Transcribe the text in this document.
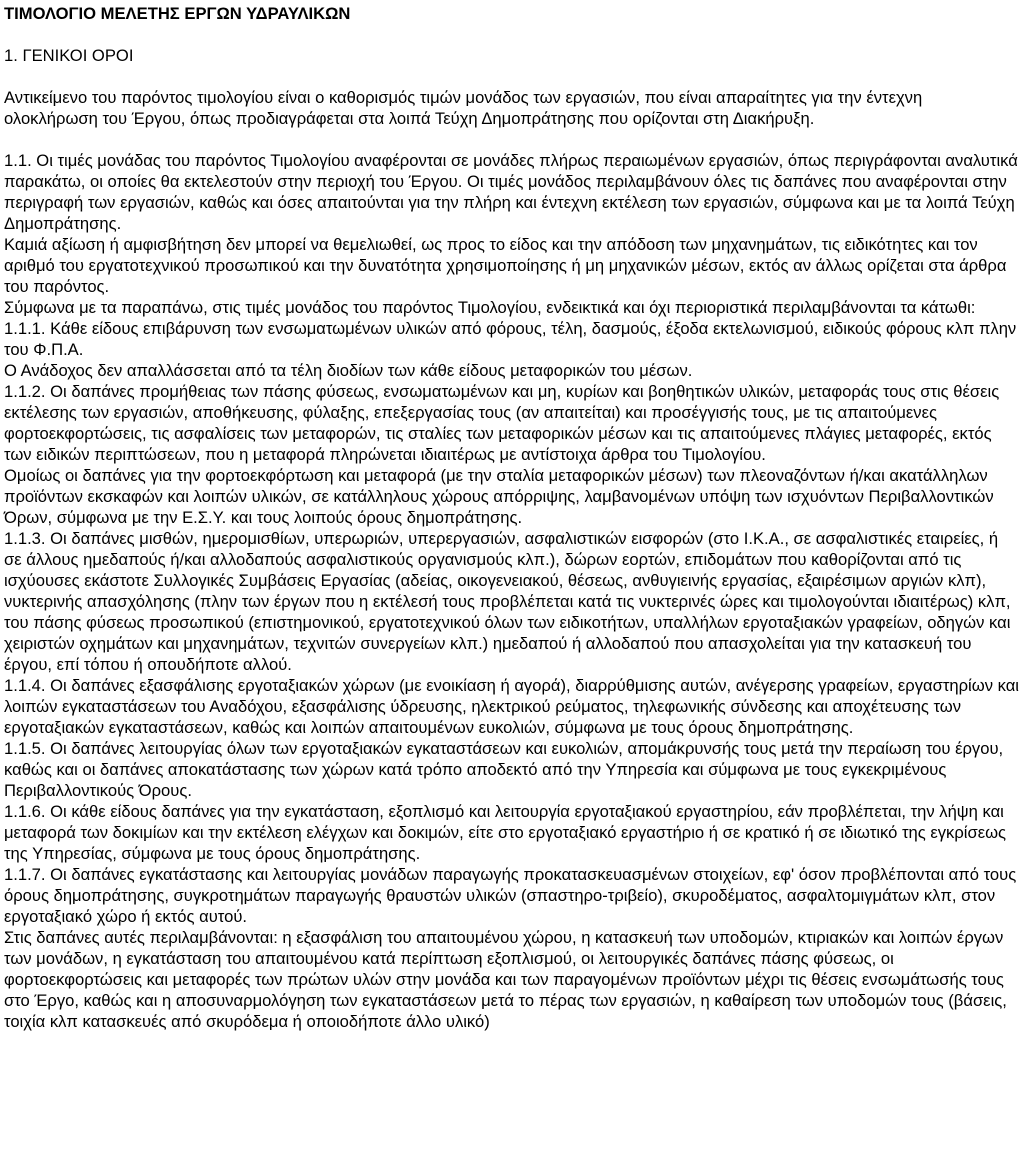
ΤΙΜΟΛΟΓΙΟ ΜΕΛΕΤΗΣ ΕΡΓΩΝ ΥΔΡΑΥΛΙΚΩΝ
1. ΓΕΝΙΚΟΙ ΟΡΟΙ

Αντικείμενο του παρόντος τιμολογίου είναι ο καθορισμός τιμών μονάδος των εργασιών, που είναι απαραίτητες για την έντεχνη ολοκλήρωση του Έργου, όπως προδιαγράφεται στα λοιπά Τεύχη Δημοπράτησης που ορίζονται στη Διακήρυξη.

1.1. Οι τιμές μονάδας του παρόντος Τιμολογίου αναφέρονται σε μονάδες πλήρως περαιωμένων εργασιών, όπως περιγράφονται αναλυτικά παρακάτω, οι οποίες θα εκτελεστούν στην περιοχή του Έργου. Οι τιμές μονάδος περιλαμβάνουν όλες τις δαπάνες που αναφέρονται στην περιγραφή των εργασιών, καθώς και όσες απαιτούνται για την πλήρη και έντεχνη εκτέλεση των εργασιών, σύμφωνα και με τα λοιπά Τεύχη Δημοπράτησης.

Καμιά αξίωση ή αμφισβήτηση δεν μπορεί να θεμελιωθεί, ως προς το είδος και την απόδοση των μηχανημάτων, τις ειδικότητες και τον αριθμό του εργατοτεχνικού προσωπικού και την δυνατότητα χρησιμοποίησης ή μη μηχανικών μέσων, εκτός αν άλλως ορίζεται στα άρθρα του παρόντος.

Σύμφωνα με τα παραπάνω, στις τιμές μονάδος του παρόντος Τιμολογίου, ενδεικτικά και όχι περιοριστικά περιλαμβάνονται τα κάτωθι:

1.1.1. Κάθε είδους επιβάρυνση των ενσωματωμένων υλικών από φόρους, τέλη, δασμούς, έξοδα εκτελωνισμού, ειδικούς φόρους κλπ πλην του Φ.Π.Α.

Ο Ανάδοχος δεν απαλλάσσεται από τα τέλη διοδίων των κάθε είδους μεταφορικών του μέσων.

1.1.2. Οι δαπάνες προμήθειας των πάσης φύσεως, ενσωματωμένων και μη, κυρίων και βοηθητικών υλικών, μεταφοράς τους στις θέσεις εκτέλεσης των εργασιών, αποθήκευσης, φύλαξης, επεξεργασίας τους (αν απαιτείται) και προσέγγισής τους, με τις απαιτούμενες φορτοεκφορτώσεις, τις ασφαλίσεις των μεταφορών, τις σταλίες των μεταφορικών μέσων και τις απαιτούμενες πλάγιες μεταφορές, εκτός των ειδικών περιπτώσεων, που η μεταφορά πληρώνεται ιδιαιτέρως με αντίστοιχα άρθρα του Τιμολογίου.

Ομοίως οι δαπάνες για την φορτοεκφόρτωση και μεταφορά (με την σταλία μεταφορικών μέσων) των πλεοναζόντων ή/και ακατάλληλων προϊόντων εκσκαφών και λοιπών υλικών, σε κατάλληλους χώρους απόρριψης, λαμβανομένων υπόψη των ισχυόντων Περιβαλλοντικών Όρων, σύμφωνα με την Ε.Σ.Υ. και τους λοιπούς όρους δημοπράτησης.

1.1.3. Οι δαπάνες μισθών, ημερομισθίων, υπερωριών, υπερεργασιών, ασφαλιστικών εισφορών (στο Ι.Κ.Α., σε ασφαλιστικές εταιρείες, ή σε άλλους ημεδαπούς ή/και αλλοδαπούς ασφαλιστικούς οργανισμούς κλπ.), δώρων εορτών, επιδομάτων που καθορίζονται από τις ισχύουσες εκάστοτε Συλλογικές Συμβάσεις Εργασίας (αδείας, οικογενειακού, θέσεως, ανθυγιεινής εργασίας, εξαιρέσιμων αργιών κλπ), νυκτερινής απασχόλησης (πλην των έργων που η εκτέλεσή τους προβλέπεται κατά τις νυκτερινές ώρες και τιμολογούνται ιδιαιτέρως) κλπ, του πάσης φύσεως προσωπικού (επιστημονικού, εργατοτεχνικού όλων των ειδικοτήτων, υπαλλήλων εργοταξιακών γραφείων, οδηγών και χειριστών οχημάτων και μηχανημάτων, τεχνιτών συνεργείων κλπ.) ημεδαπού ή αλλοδαπού που απασχολείται για την κατασκευή του έργου, επί τόπου ή οπουδήποτε αλλού.

1.1.4. Οι δαπάνες εξασφάλισης εργοταξιακών χώρων (με ενοικίαση ή αγορά), διαρρύθμισης αυτών, ανέγερσης γραφείων, εργαστηρίων και λοιπών εγκαταστάσεων του Αναδόχου, εξασφάλισης ύδρευσης, ηλεκτρικού ρεύματος, τηλεφωνικής σύνδεσης και αποχέτευσης των εργοταξιακών εγκαταστάσεων, καθώς και λοιπών απαιτουμένων ευκολιών, σύμφωνα με τους όρους δημοπράτησης.

1.1.5. Οι δαπάνες λειτουργίας όλων των εργοταξιακών εγκαταστάσεων και ευκολιών, απομάκρυνσής τους μετά την περαίωση του έργου, καθώς και οι δαπάνες αποκατάστασης των χώρων κατά τρόπο αποδεκτό από την Υπηρεσία και σύμφωνα με τους εγκεκριμένους Περιβαλλοντικούς Όρους.

1.1.6. Οι κάθε είδους δαπάνες για την εγκατάσταση, εξοπλισμό και λειτουργία εργοταξιακού εργαστηρίου, εάν προβλέπεται, την λήψη και μεταφορά των δοκιμίων και την εκτέλεση ελέγχων και δοκιμών, είτε στο εργοταξιακό εργαστήριο ή σε κρατικό ή σε ιδιωτικό της εγκρίσεως της Υπηρεσίας, σύμφωνα με τους όρους δημοπράτησης.

1.1.7. Οι δαπάνες εγκατάστασης και λειτουργίας μονάδων παραγωγής προκατασκευασμένων στοιχείων, εφ' όσον προβλέπονται από τους όρους δημοπράτησης, συγκροτημάτων παραγωγής θραυστών υλικών (σπαστηρο-τριβείο), σκυροδέματος, ασφαλτομιγμάτων κλπ, στον εργοταξιακό χώρο ή εκτός αυτού.

Στις δαπάνες αυτές περιλαμβάνονται: η εξασφάλιση του απαιτουμένου χώρου, η κατασκευή των υποδομών, κτιριακών και λοιπών έργων των μονάδων, η εγκατάσταση του απαιτουμένου κατά περίπτωση εξοπλισμού, οι λειτουργικές δαπάνες πάσης φύσεως, οι φορτοεκφορτώσεις και μεταφορές των πρώτων υλών στην μονάδα και των παραγομένων προϊόντων μέχρι τις θέσεις ενσωμάτωσής τους στο Έργο, καθώς και η αποσυναρμολόγηση των εγκαταστάσεων μετά το πέρας των εργασιών, η καθαίρεση των υποδομών τους (βάσεις, τοιχία κλπ κατασκευές από σκυρόδεμα ή οποιοδήποτε άλλο υλικό)
